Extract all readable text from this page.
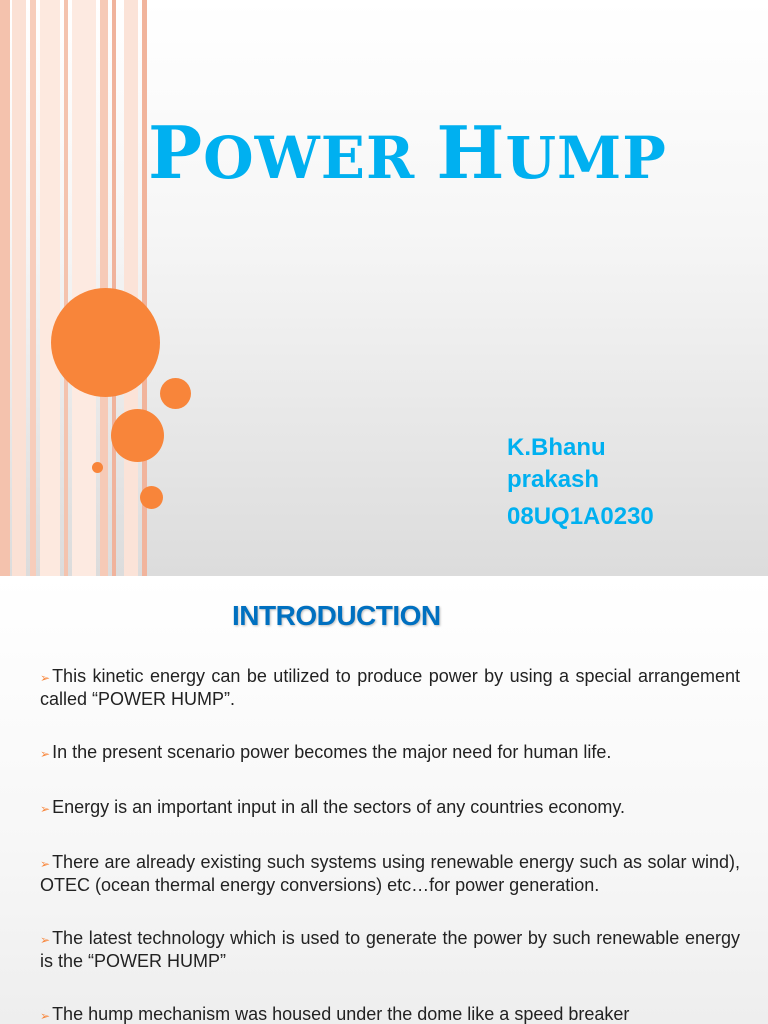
POWER HUMP
K.Bhanu
prakash
08UQ1A0230
INTRODUCTION
➢ This kinetic energy can be utilized to produce power by using a special arrangement called “POWER HUMP”.
➢ In the present scenario power becomes the major need for human life.
➢ Energy is an important input in all the sectors of any countries economy.
➢ There are already existing such systems using renewable energy such as solar wind), OTEC (ocean thermal energy conversions) etc…for power generation.
➢ The latest technology which is used to generate the power by such renewable energy is the “POWER HUMP”
➢ The hump mechanism was housed under the dome like a speed breaker
